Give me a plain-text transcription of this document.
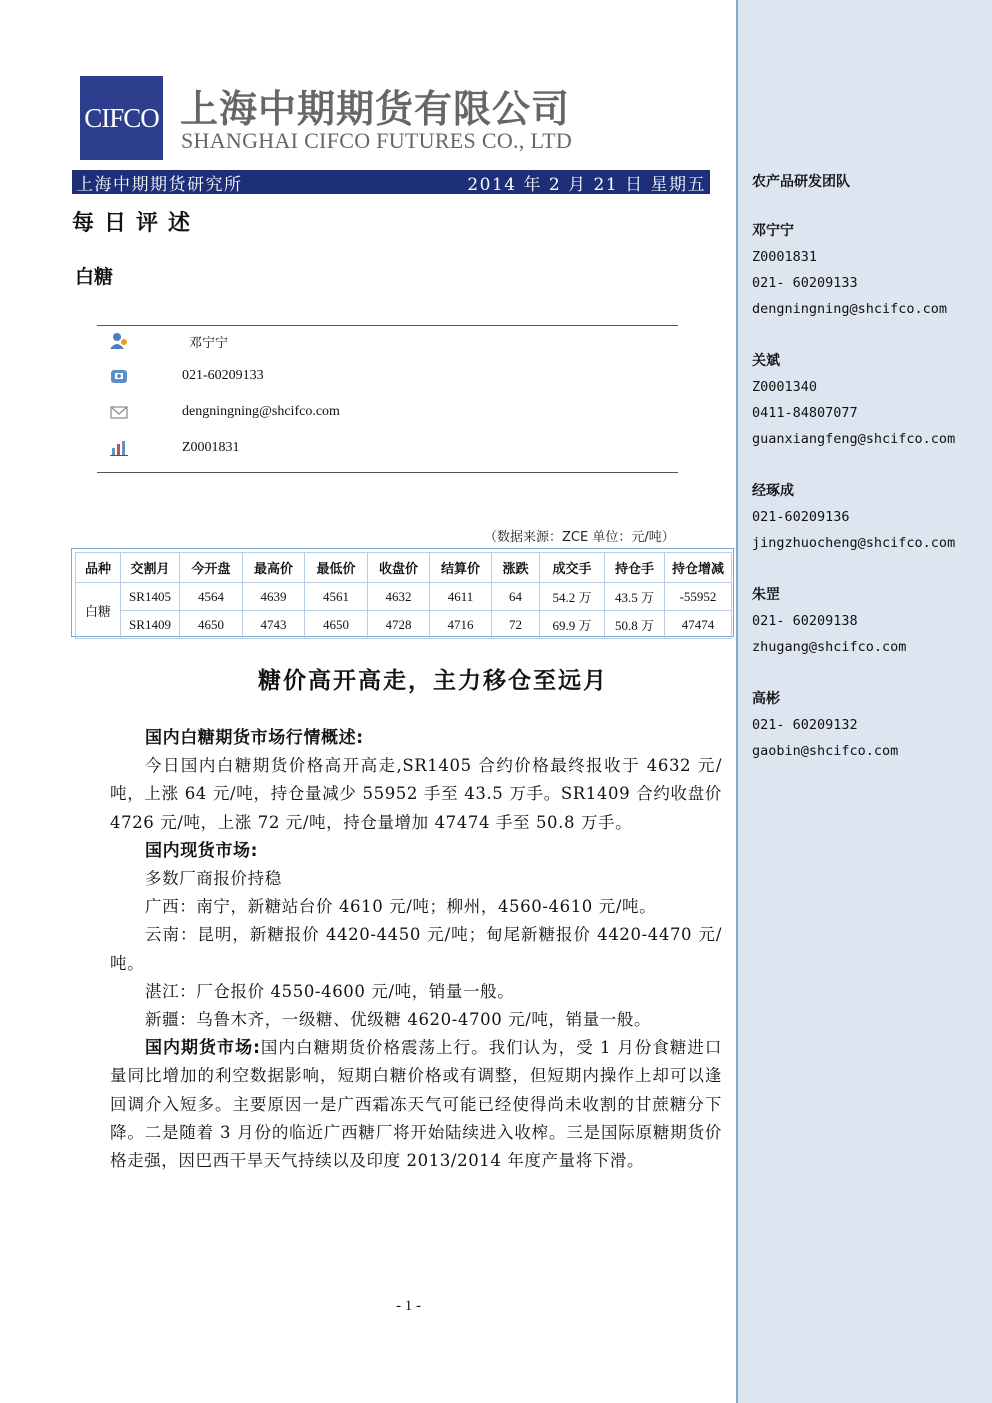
CIFCO 上海中期期货有限公司
SHANGHAI CIFCO FUTURES CO., LTD
上海中期期货研究所	2014 年 2 月 21 日 星期五
每日评述
白糖
邓宁宁
021-60209133
dengningning@shcifco.com
Z0001831
（数据来源：ZCE 单位：元/吨）
品种	交割月	今开盘	最高价	最低价	收盘价	结算价	涨跌	成交手	持仓手	持仓增减
白糖	SR1405	4564	4639	4561	4632	4611	64	54.2 万	43.5 万	-55952
	SR1409	4650	4743	4650	4728	4716	72	69.9 万	50.8 万	47474
糖价高开高走，主力移仓至远月

国内白糖期货市场行情概述:

今日国内白糖期货价格高开高走,SR1405 合约价格最终报收于 4632 元/吨，上涨 64 元/吨，持仓量减少 55952 手至 43.5 万手。SR1409 合约收盘价 4726 元/吨，上涨 72 元/吨，持仓量增加 47474 手至 50.8 万手。

国内现货市场:

多数厂商报价持稳

广西：南宁，新糖站台价 4610 元/吨；柳州，4560-4610 元/吨。

云南：昆明，新糖报价 4420-4450 元/吨；甸尾新糖报价 4420-4470 元/吨。

湛江：厂仓报价 4550-4600 元/吨，销量一般。

新疆：乌鲁木齐，一级糖、优级糖 4620-4700 元/吨，销量一般。

国内期货市场:国内白糖期货价格震荡上行。我们认为，受 1 月份食糖进口量同比增加的利空数据影响，短期白糖价格或有调整，但短期内操作上却可以逢回调介入短多。主要原因一是广西霜冻天气可能已经使得尚未收割的甘蔗糖分下降。二是随着 3 月份的临近广西糖厂将开始陆续进入收榨。三是国际原糖期货价格走强，因巴西干旱天气持续以及印度 2013/2014 年度产量将下滑。

- 1 -
农产品研发团队
邓宁宁
Z0001831
021- 60209133
dengningning@shcifco.com
关斌
Z0001340
0411-84807077
guanxiangfeng@shcifco.com
经琢成
021-60209136
jingzhuocheng@shcifco.com
朱罡
021- 60209138
zhugang@shcifco.com
高彬
021- 60209132
gaobin@shcifco.com
